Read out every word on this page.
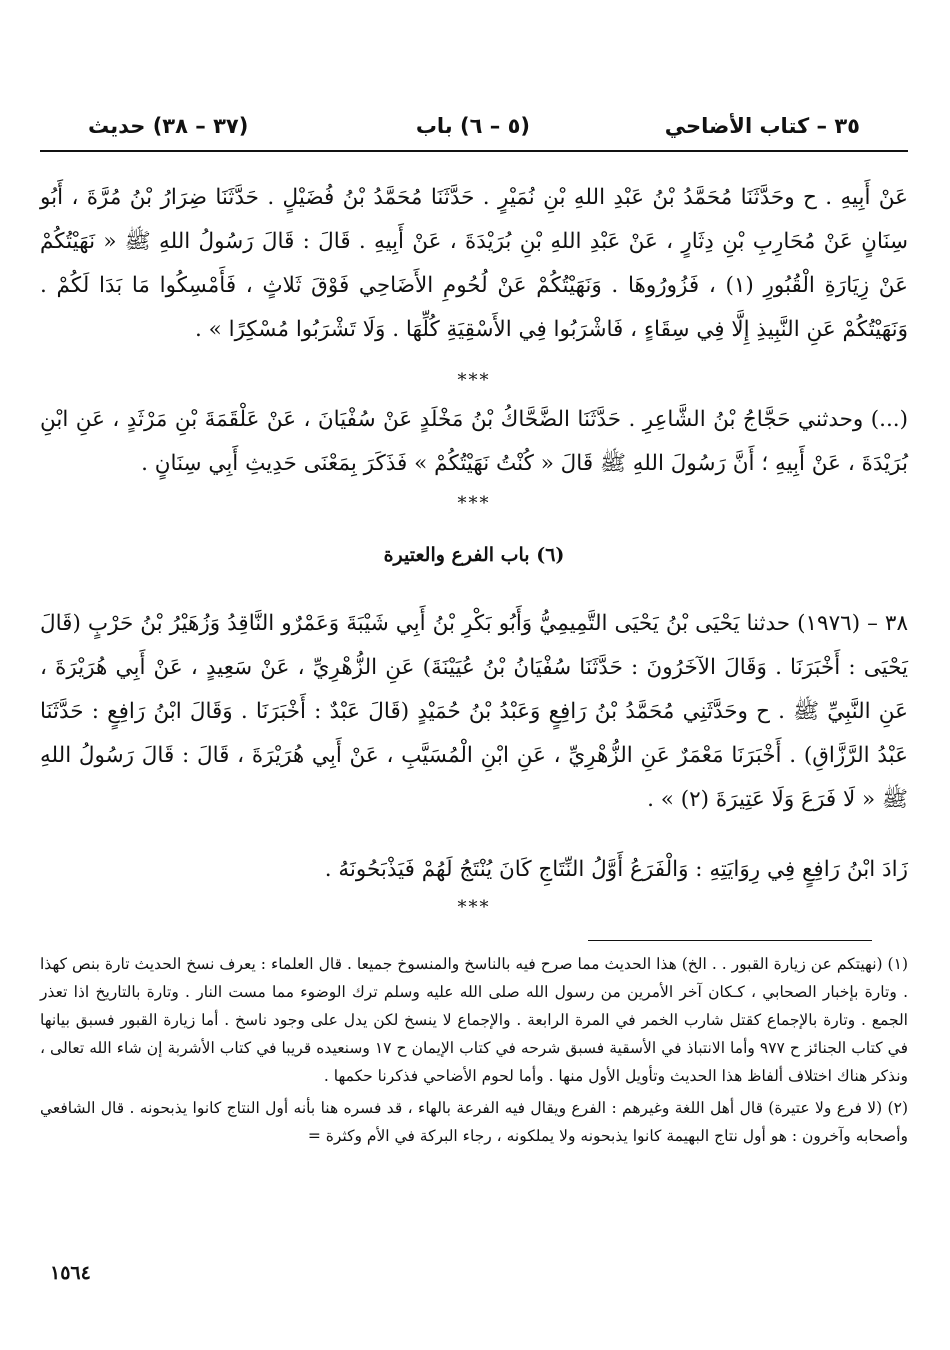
٣٥ – كتاب الأضاحي
(٥ – ٦) باب
(٣٧ – ٣٨) حديث

عَنْ أَبِيهِ . ح وحَدَّثَنَا مُحَمَّدُ بْنُ عَبْدِ اللهِ بْنِ نُمَيْرٍ . حَدَّثَنَا مُحَمَّدُ بْنُ فُضَيْلٍ . حَدَّثَنَا ضِرَارُ بْنُ مُرَّةَ ، أَبُو سِنَانٍ عَنْ مُحَارِبِ بْنِ دِثَارٍ ، عَنْ عَبْدِ اللهِ بْنِ بُرَيْدَةَ ، عَنْ أَبِيهِ . قَالَ : قَالَ رَسُولُ اللهِ ﷺ « نَهَيْتُكُمْ عَنْ زِيَارَةِ الْقُبُورِ (١) ، فَزُورُوهَا . وَنَهَيْتُكُمْ عَنْ لُحُومِ الأَضَاحِي فَوْقَ ثَلاثٍ ، فَأَمْسِكُوا مَا بَدَا لَكُمْ . وَنَهَيْتُكُمْ عَنِ النَّبِيذِ إِلَّا فِي سِقَاءٍ ، فَاشْرَبُوا فِي الأَسْقِيَةِ كُلِّهَا . وَلَا تَشْرَبُوا مُسْكِرًا » .

***

(...) وحدثني حَجَّاجُ بْنُ الشَّاعِرِ . حَدَّثَنَا الضَّحَّاكُ بْنُ مَخْلَدٍ عَنْ سُفْيَانَ ، عَنْ عَلْقَمَةَ بْنِ مَرْثَدٍ ، عَنِ ابْنِ بُرَيْدَةَ ، عَنْ أَبِيهِ ؛ أَنَّ رَسُولَ اللهِ ﷺ قَالَ « كُنْتُ نَهَيْتُكُمْ » فَذَكَرَ بِمَعْنَى حَدِيثِ أَبِي سِنَانٍ .

***
(٦) باب الفرع والعتيرة

٣٨ – (١٩٧٦) حدثنا يَحْيَى بْنُ يَحْيَى التَّمِيمِيُّ وَأَبُو بَكْرِ بْنُ أَبِي شَيْبَةَ وَعَمْرٌو النَّاقِدُ وَزُهَيْرُ بْنُ حَرْبٍ (قَالَ يَحْيَى : أَخْبَرَنَا . وَقَالَ الآخَرُونَ : حَدَّثَنَا سُفْيَانُ بْنُ عُيَيْنَةَ) عَنِ الزُّهْرِيِّ ، عَنْ سَعِيدٍ ، عَنْ أَبِي هُرَيْرَةَ ، عَنِ النَّبِيِّ ﷺ . ح وحَدَّثَنِي مُحَمَّدُ بْنُ رَافِعٍ وَعَبْدُ بْنُ حُمَيْدٍ (قَالَ عَبْدٌ : أَخْبَرَنَا . وَقَالَ ابْنُ رَافِعٍ : حَدَّثَنَا عَبْدُ الرَّزَّاقِ) . أَخْبَرَنَا مَعْمَرٌ عَنِ الزُّهْرِيِّ ، عَنِ ابْنِ الْمُسَيَّبِ ، عَنْ أَبِي هُرَيْرَةَ ، قَالَ : قَالَ رَسُولُ اللهِ ﷺ « لَا فَرَعَ وَلَا عَتِيرَةَ (٢) » .

زَادَ ابْنُ رَافِعٍ فِي رِوَايَتِهِ : وَالْفَرَعُ أَوَّلُ النِّتَاجِ كَانَ يُنْتَجُ لَهُمْ فَيَذْبَحُونَهُ .

***

(١) (نهيتكم عن زيارة القبور . . الخ) هذا الحديث مما صرح فيه بالناسخ والمنسوخ جميعا . قال العلماء : يعرف نسخ الحديث تارة بنص كهذا . وتارة بإخبار الصحابي ، كـكان آخر الأمرين من رسول الله صلى الله عليه وسلم ترك الوضوء مما مست النار . وتارة بالتاريخ اذا تعذر الجمع . وتارة بالإجماع كقتل شارب الخمر في المرة الرابعة . والإجماع لا ينسخ لكن يدل على وجود ناسخ . أما زيارة القبور فسبق بيانها في كتاب الجنائز ح ٩٧٧ وأما الانتباذ في الأسقية فسبق شرحه في كتاب الإيمان ح ١٧ وسنعيده قريبا في كتاب الأشربة إن شاء الله تعالى ، ونذكر هناك اختلاف ألفاظ هذا الحديث وتأويل الأول منها . وأما لحوم الأضاحي فذكرنا حكمها .

(٢) (لا فرع ولا عتيرة) قال أهل اللغة وغيرهم : الفرع ويقال فيه الفرعة بالهاء ، قد فسره هنا بأنه أول النتاج كانوا يذبحونه . قال الشافعي وأصحابه وآخرون : هو أول نتاج البهيمة كانوا يذبحونه ولا يملكونه ، رجاء البركة في الأم وكثرة =

١٥٦٤
